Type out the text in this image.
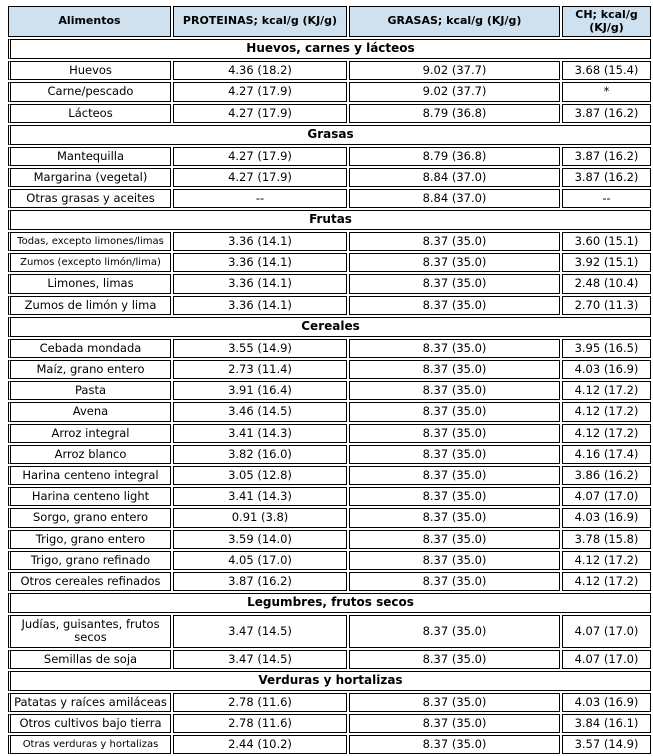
Alimentos	PROTEINAS; kcal/g (KJ/g)	GRASAS; kcal/g (KJ/g)	CH; kcal/g (KJ/g)
Huevos, carnes y lácteos			
Huevos	4.36 (18.2)	9.02 (37.7)	3.68 (15.4)
Carne/pescado	4.27 (17.9)	9.02 (37.7)	*
Lácteos	4.27 (17.9)	8.79 (36.8)	3.87 (16.2)
Grasas			
Mantequilla	4.27 (17.9)	8.79 (36.8)	3.87 (16.2)
Margarina (vegetal)	4.27 (17.9)	8.84 (37.0)	3.87 (16.2)
Otras grasas y aceites	--	8.84 (37.0)	--
Frutas			
Todas, excepto limones/limas	3.36 (14.1)	8.37 (35.0)	3.60 (15.1)
Zumos (excepto limón/lima)	3.36 (14.1)	8.37 (35.0)	3.92 (15.1)
Limones, limas	3.36 (14.1)	8.37 (35.0)	2.48 (10.4)
Zumos de limón y lima	3.36 (14.1)	8.37 (35.0)	2.70 (11.3)
Cereales			
Cebada mondada	3.55 (14.9)	8.37 (35.0)	3.95 (16.5)
Maíz, grano entero	2.73 (11.4)	8.37 (35.0)	4.03 (16.9)
Pasta	3.91 (16.4)	8.37 (35.0)	4.12 (17.2)
Avena	3.46 (14.5)	8.37 (35.0)	4.12 (17.2)
Arroz integral	3.41 (14.3)	8.37 (35.0)	4.12 (17.2)
Arroz blanco	3.82 (16.0)	8.37 (35.0)	4.16 (17.4)
Harina centeno integral	3.05 (12.8)	8.37 (35.0)	3.86 (16.2)
Harina centeno light	3.41 (14.3)	8.37 (35.0)	4.07 (17.0)
Sorgo, grano entero	0.91 (3.8)	8.37 (35.0)	4.03 (16.9)
Trigo, grano entero	3.59 (14.0)	8.37 (35.0)	3.78 (15.8)
Trigo, grano refinado	4.05 (17.0)	8.37 (35.0)	4.12 (17.2)
Otros cereales refinados	3.87 (16.2)	8.37 (35.0)	4.12 (17.2)
Legumbres, frutos secos			
Judías, guisantes, frutos secos	3.47 (14.5)	8.37 (35.0)	4.07 (17.0)
Semillas de soja	3.47 (14.5)	8.37 (35.0)	4.07 (17.0)
Verduras y hortalizas			
Patatas y raíces amiláceas	2.78 (11.6)	8.37 (35.0)	4.03 (16.9)
Otros cultivos bajo tierra	2.78 (11.6)	8.37 (35.0)	3.84 (16.1)
Otras verduras y hortalizas	2.44 (10.2)	8.37 (35.0)	3.57 (14.9)
